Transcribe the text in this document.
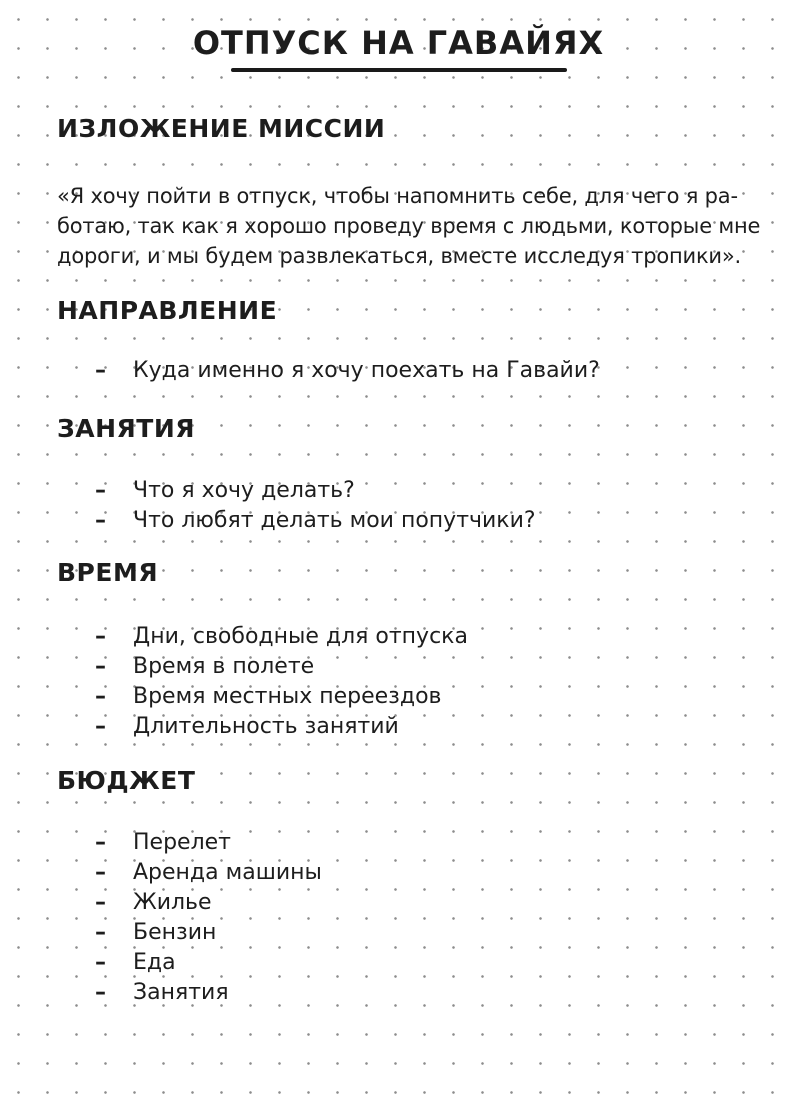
ОТПУСК НА ГАВАЙЯХ
ИЗЛОЖЕНИЕ МИССИИ

«Я хочу пойти в отпуск, чтобы напомнить себе, для чего я ра-
ботаю, так как я хорошо проведу время с людьми, которые мне
дороги, и мы будем развлекаться, вместе исследуя тропики».

НАПРАВЛЕНИЕ
–	Куда именно я хочу поехать на Гавайи?
ЗАНЯТИЯ
–	Что я хочу делать?
–	Что любят делать мои попутчики?
ВРЕМЯ
–	Дни, свободные для отпуска
–	Время в полете
–	Время местных переездов
–	Длительность занятий
БЮДЖЕТ
–	Перелет
–	Аренда машины
–	Жилье
–	Бензин
–	Еда
–	Занятия
